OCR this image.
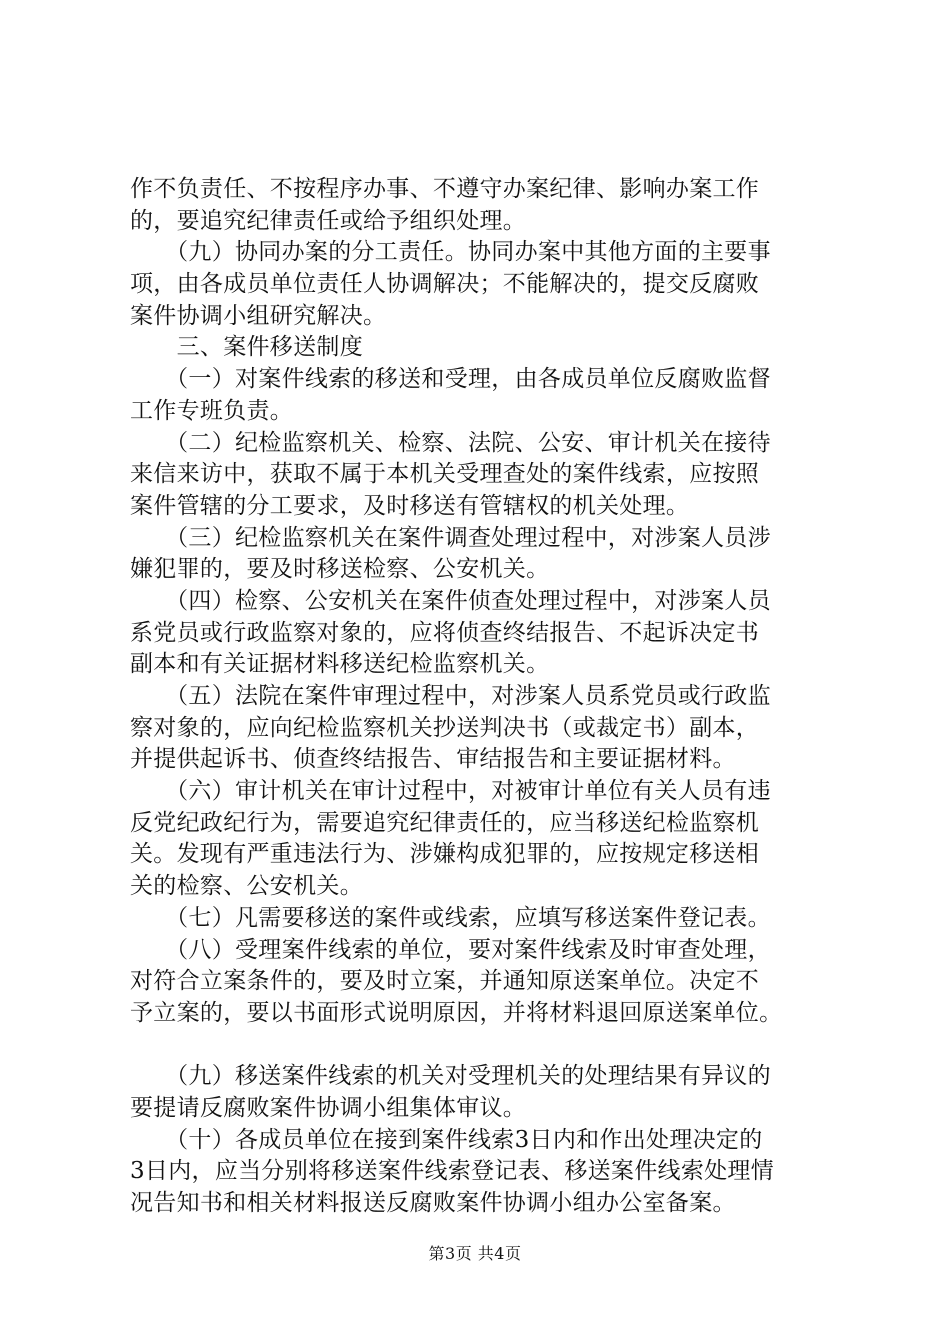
作不负责任、不按程序办事、不遵守办案纪律、影响办案工作
的，要追究纪律责任或给予组织处理。
　　（九）协同办案的分工责任。协同办案中其他方面的主要事
项，由各成员单位责任人协调解决；不能解决的，提交反腐败
案件协调小组研究解决。
　　三、案件移送制度
　　（一）对案件线索的移送和受理，由各成员单位反腐败监督
工作专班负责。
　　（二）纪检监察机关、检察、法院、公安、审计机关在接待
来信来访中，获取不属于本机关受理查处的案件线索，应按照
案件管辖的分工要求，及时移送有管辖权的机关处理。
　　（三）纪检监察机关在案件调查处理过程中，对涉案人员涉
嫌犯罪的，要及时移送检察、公安机关。
　　（四）检察、公安机关在案件侦查处理过程中，对涉案人员
系党员或行政监察对象的，应将侦查终结报告、不起诉决定书
副本和有关证据材料移送纪检监察机关。
　　（五）法院在案件审理过程中，对涉案人员系党员或行政监
察对象的，应向纪检监察机关抄送判决书（或裁定书）副本，
并提供起诉书、侦查终结报告、审结报告和主要证据材料。
　　（六）审计机关在审计过程中，对被审计单位有关人员有违
反党纪政纪行为，需要追究纪律责任的，应当移送纪检监察机
关。发现有严重违法行为、涉嫌构成犯罪的，应按规定移送相
关的检察、公安机关。
　　（七）凡需要移送的案件或线索，应填写移送案件登记表。
　　（八）受理案件线索的单位，要对案件线索及时审查处理，
对符合立案条件的，要及时立案，并通知原送案单位。决定不
予立案的，要以书面形式说明原因，并将材料退回原送案单位。
　　（九）移送案件线索的机关对受理机关的处理结果有异议的
要提请反腐败案件协调小组集体审议。
　　（十）各成员单位在接到案件线索3日内和作出处理决定的
3日内，应当分别将移送案件线索登记表、移送案件线索处理情
况告知书和相关材料报送反腐败案件协调小组办公室备案。
第3页 共4页
